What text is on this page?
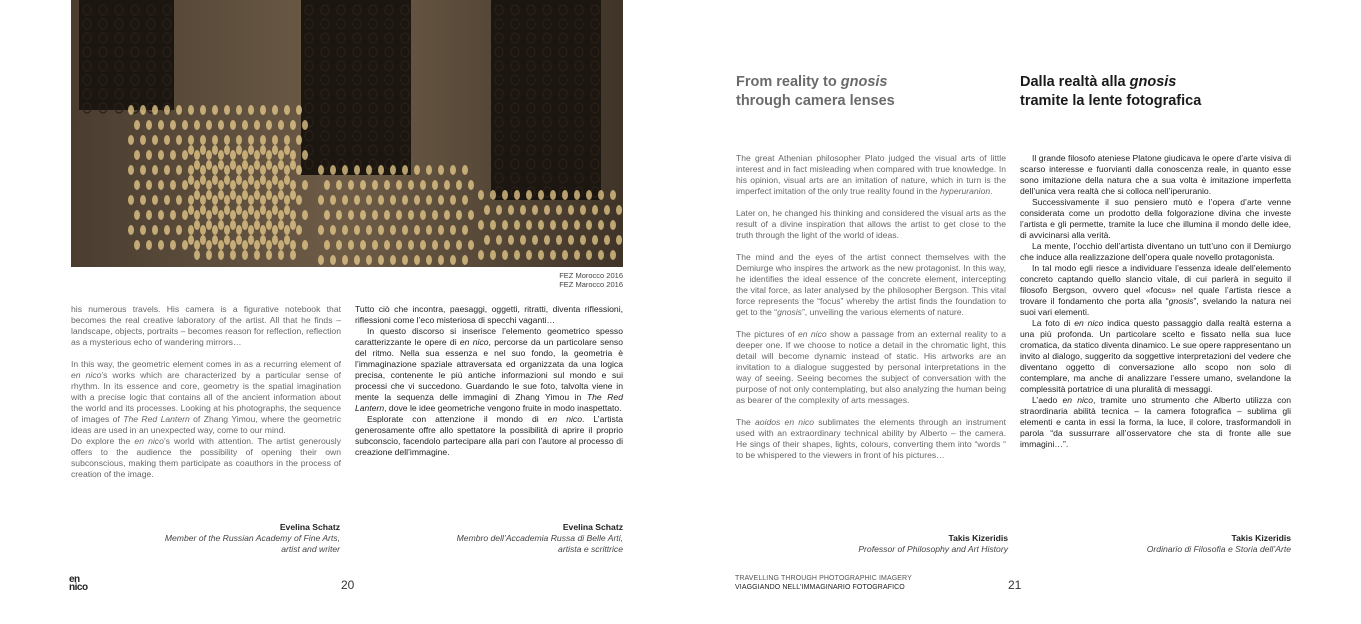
FEZ Morocco 2016
FEZ Marocco 2016

his numerous travels. His camera is a figurative notebook that becomes the real creative laboratory of the artist. All that he finds – landscape, objects, portraits – becomes reason for reflection, reflection as a mysterious echo of wandering mirrors…

In this way, the geometric element comes in as a recurring element of en nico’s works which are characterized by a particular sense of rhythm. In its essence and core, geometry is the spatial imagination with a precise logic that contains all of the ancient information about the world and its processes. Looking at his photographs, the sequence of images of The Red Lantern of Zhang Yimou, where the geometric ideas are used in an unexpected way, come to our mind.

Do explore the en nico’s world with attention. The artist generously offers to the audience the possibility of opening their own subconscious, making them participate as coauthors in the process of creation of the image.

Tutto ciò che incontra, paesaggi, oggetti, ritratti, diventa riflessioni, riflessioni come l’eco misteriosa di specchi vaganti…

In questo discorso si inserisce l’elemento geometrico spesso caratterizzante le opere di en nico, percorse da un particolare senso del ritmo. Nella sua essenza e nel suo fondo, la geometria è l’immaginazione spaziale attraversata ed organizzata da una logica precisa, contenente le più antiche informazioni sul mondo e sui processi che vi succedono. Guardando le sue foto, talvolta viene in mente la sequenza delle immagini di Zhang Yimou in The Red Lantern, dove le idee geometriche vengono fruite in modo inaspettato.

Esplorate con attenzione il mondo di en nico. L’artista generosamente offre allo spettatore la possibilità di aprire il proprio subconscio, facendolo partecipare alla pari con l’autore al processo di creazione dell’immagine.

Evelina Schatz
Member of the Russian Academy of Fine Arts,
artist and writer
Evelina Schatz
Membro dell’Accademia Russa di Belle Arti,
artista e scrittrice
en
nico	20
From reality to gnosis
through camera lenses
Dalla realtà alla gnosis
tramite la lente fotografica

The great Athenian philosopher Plato judged the visual arts of little interest and in fact misleading when compared with true knowledge. In his opinion, visual arts are an imitation of nature, which in turn is the imperfect imitation of the only true reality found in the hyperuranion.

Later on, he changed his thinking and considered the visual arts as the result of a divine inspiration that allows the artist to get close to the truth through the light of the world of ideas.

The mind and the eyes of the artist connect themselves with the Demiurge who inspires the artwork as the new protagonist. In this way, he identifies the ideal essence of the concrete element, intercepting the vital force, as later analysed by the philosopher Bergson. This vital force represents the “focus” whereby the artist finds the foundation to get to the “gnosis”, unveiling the various elements of nature.

The pictures of en nico show a passage from an external reality to a deeper one. If we choose to notice a detail in the chromatic light, this detail will become dynamic instead of static. His artworks are an invitation to a dialogue suggested by personal interpretations in the way of seeing. Seeing becomes the subject of conversation with the purpose of not only contemplating, but also analyzing the human being as bearer of the complexity of arts messages.

The aoidos en nico sublimates the elements through an instrument used with an extraordinary technical ability by Alberto – the camera. He sings of their shapes, lights, colours, converting them into “words “ to be whispered to the viewers in front of his pictures…

Il grande filosofo ateniese Platone giudicava le opere d’arte visiva di scarso interesse e fuorvianti dalla conoscenza reale, in quanto esse sono imitazione della natura che a sua volta è imitazione imperfetta dell’unica vera realtà che si colloca nell’iperuranio.

Successivamente il suo pensiero mutò e l’opera d’arte venne considerata come un prodotto della folgorazione divina che investe l’artista e gli permette, tramite la luce che illumina il mondo delle idee, di avvicinarsi alla verità.

La mente, l’occhio dell’artista diventano un tutt’uno con il Demiurgo che induce alla realizzazione dell’opera quale novello protagonista.

In tal modo egli riesce a individuare l’essenza ideale dell’elemento concreto captando quello slancio vitale, di cui parlerà in seguito il filosofo Bergson, ovvero quel «focus» nel quale l’artista riesce a trovare il fondamento che porta alla “gnosis”, svelando la natura nei suoi vari elementi.

La foto di en nico indica questo passaggio dalla realtà esterna a una più profonda. Un particolare scelto e fissato nella sua luce cromatica, da statico diventa dinamico. Le sue opere rappresentano un invito al dialogo, suggerito da soggettive interpretazioni del vedere che diventano oggetto di conversazione allo scopo non solo di contemplare, ma anche di analizzare l’essere umano, svelandone la complessità portatrice di una pluralità di messaggi.

L’aedo en nico, tramite uno strumento che Alberto utilizza con straordinaria abilità tecnica – la camera fotografica – sublima gli elementi e canta in essi la forma, la luce, il colore, trasformandoli in parola “da sussurrare all’osservatore che sta di fronte alle sue immagini…”.

Takis Kizeridis
Professor of Philosophy and Art History
Takis Kizeridis
Ordinario di Filosofia e Storia dell’Arte
TRAVELLING THROUGH PHOTOGRAPHIC IMAGERY
VIAGGIANDO NELL’IMMAGINARIO FOTOGRAFICO	21
